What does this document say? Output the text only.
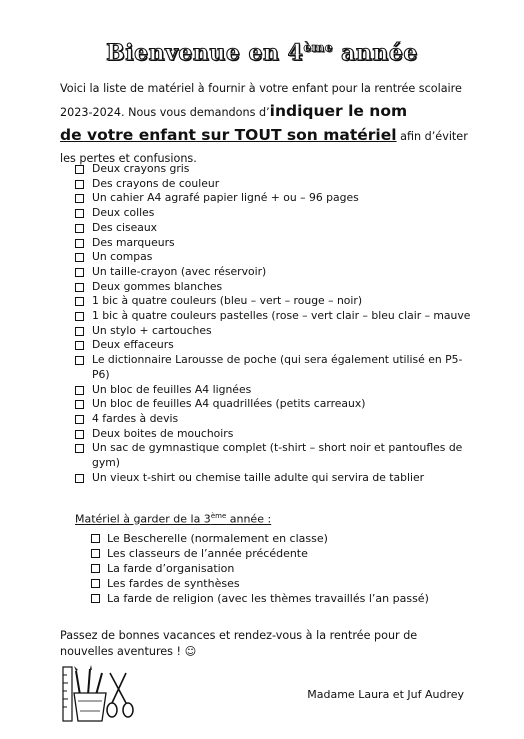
Bienvenue en 4ème année
Voici la liste de matériel à fournir à votre enfant pour la rentrée scolaire 2023-2024. Nous vous demandons d’indiquer le nom
de votre enfant sur TOUT son matériel afin d’éviter les pertes et confusions.
Deux crayons gris
Des crayons de couleur
Un cahier A4 agrafé papier ligné + ou – 96 pages
Deux colles
Des ciseaux
Des marqueurs
Un compas
Un taille-crayon (avec réservoir)
Deux gommes blanches
1 bic à quatre couleurs (bleu – vert – rouge – noir)
1 bic à quatre couleurs pastelles (rose – vert clair – bleu clair – mauve
Un stylo + cartouches
Deux effaceurs
Le dictionnaire Larousse de poche (qui sera également utilisé en P5-P6)
Un bloc de feuilles A4 lignées
Un bloc de feuilles A4 quadrillées (petits carreaux)
4 fardes à devis
Deux boites de mouchoirs
Un sac de gymnastique complet (t-shirt – short noir et pantoufles de gym)
Un vieux t-shirt ou chemise taille adulte qui servira de tablier
Matériel à garder de la 3ème année :
Le Bescherelle (normalement en classe)
Les classeurs de l’année précédente
La farde d’organisation
Les fardes de synthèses
La farde de religion (avec les thèmes travaillés l’an passé)
Passez de bonnes vacances et rendez-vous à la rentrée pour de nouvelles aventures ! ☺
Madame Laura et Juf Audrey
